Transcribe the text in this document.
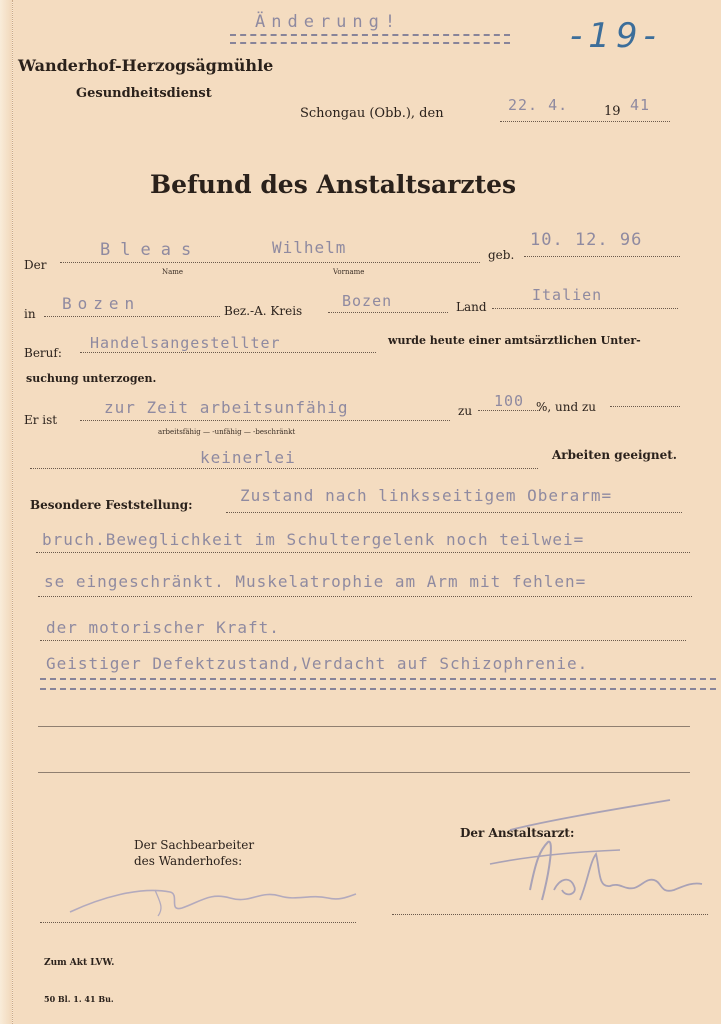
Änderung!	-19-
Wanderhof-Herzogsägmühle
Gesundheitsdienst
Schongau (Obb.), den	22. 4.	19 41
Befund des Anstaltsarztes
Der
Bleas	Wilhelm
Name	Vorname
geb.
10. 12. 96
in
Bozen	Bez.-A. Kreis
Bozen	Land
Italien
Beruf:
Handelsangestellter	wurde heute einer amtsärztlichen Unter-
suchung unterzogen.
Er ist
zur Zeit arbeitsunfähig
arbeitsfähig — -unfähig — -beschränkt
zu
100 %, und zu
keinerlei	Arbeiten geeignet.
Besondere Feststellung:	Zustand nach linksseitigem Oberarm=
bruch.Beweglichkeit im Schultergelenk noch teilwei=
se eingeschränkt. Muskelatrophie am Arm mit fehlen=
der motorischer Kraft.
Geistiger Defektzustand,Verdacht auf Schizophrenie.
Der Sachbearbeiter
des Wanderhofes:
Der Anstaltsarzt:
Zum Akt LVW.
50 Bl. 1. 41 Bu.
